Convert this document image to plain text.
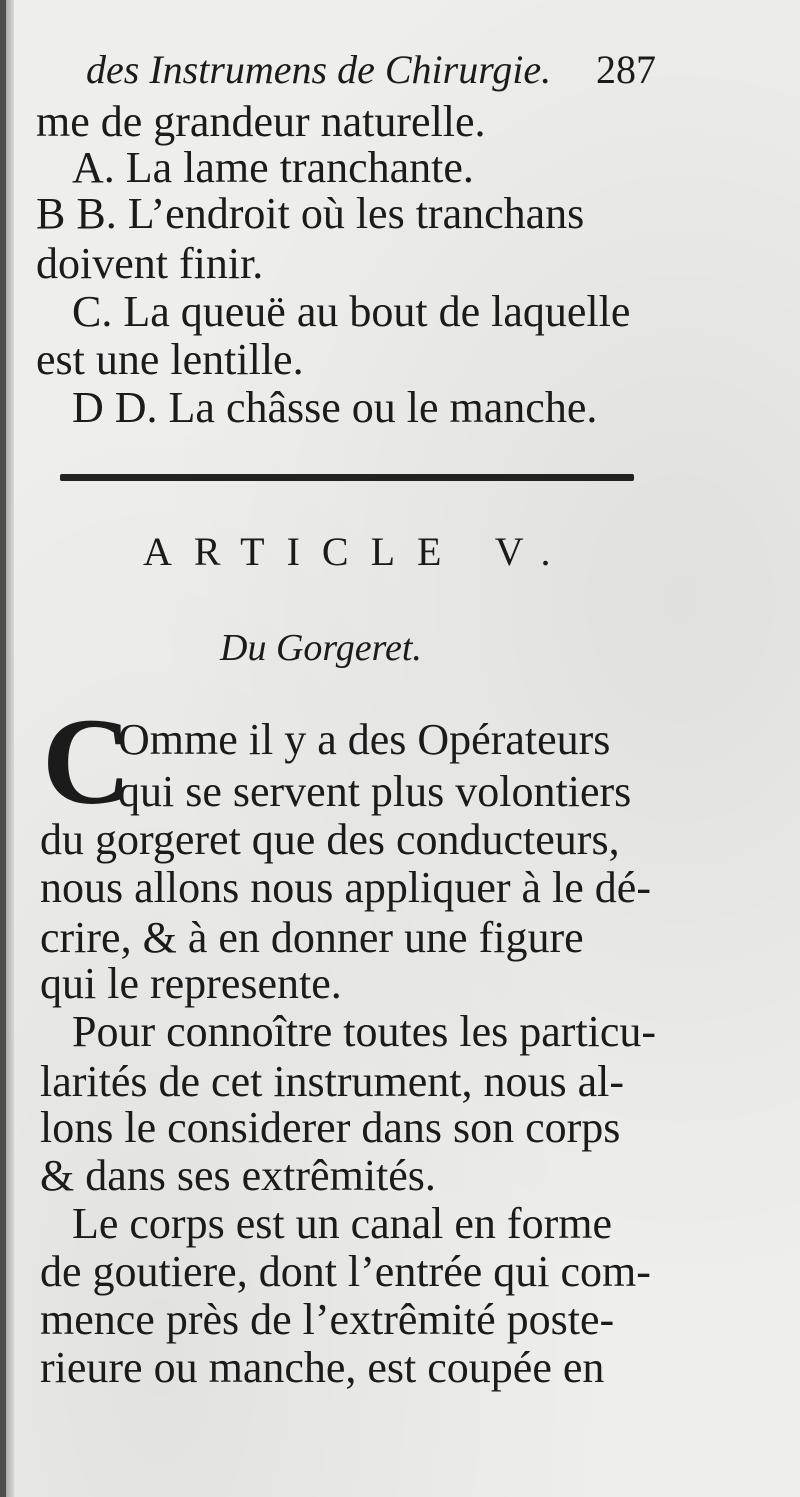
des Instrumens de Chirurgie. 287
me de grandeur naturelle.
A. La lame tranchante.
B B. L’endroit où les tranchans
doivent finir.
C. La queuë au bout de laquelle
est une lentille.
D D. La châsse ou le manche.
ARTICLE V.
Du Gorgeret.
C
Omme il y a des Opérateurs
qui se servent plus volontiers
du gorgeret que des conducteurs,
nous allons nous appliquer à le dé-
crire, & à en donner une figure
qui le represente.
Pour connoître toutes les particu-
larités de cet instrument, nous al-
lons le considerer dans son corps
& dans ses extrêmités.
Le corps est un canal en forme
de goutiere, dont l’entrée qui com-
mence près de l’extrêmité poste-
rieure ou manche, est coupée en
